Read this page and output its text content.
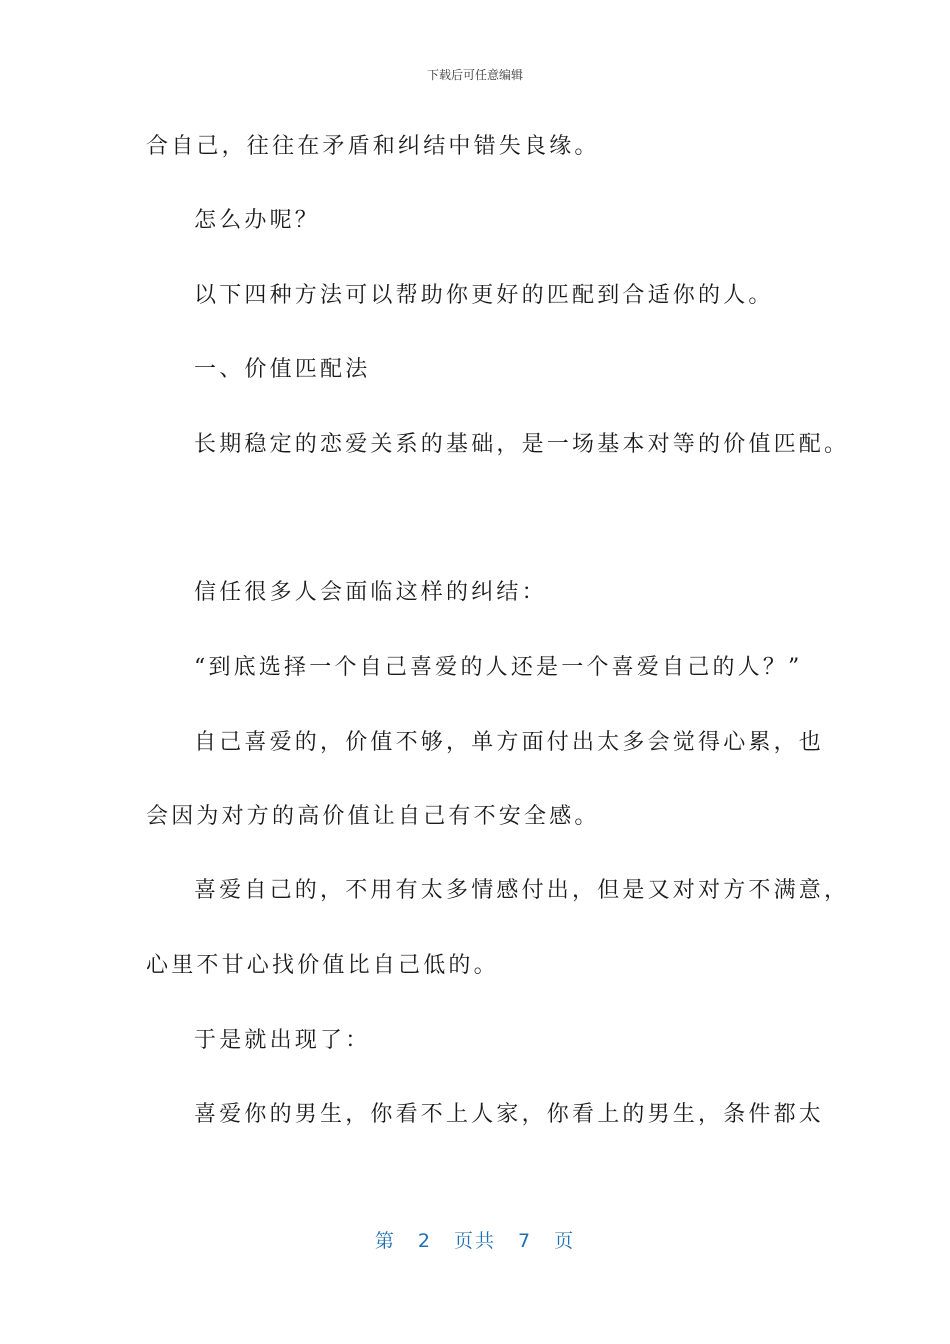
下载后可任意编辑
合自己，往往在矛盾和纠结中错失良缘。
怎么办呢？
以下四种方法可以帮助你更好的匹配到合适你的人。
一、价值匹配法
长期稳定的恋爱关系的基础，是一场基本对等的价值匹配。
信任很多人会面临这样的纠结：
“到底选择一个自己喜爱的人还是一个喜爱自己的人？”
自己喜爱的，价值不够，单方面付出太多会觉得心累，也
会因为对方的高价值让自己有不安全感。
喜爱自己的，不用有太多情感付出，但是又对对方不满意，
心里不甘心找价值比自己低的。
于是就出现了：
喜爱你的男生，你看不上人家，你看上的男生，条件都太
第 2 页共 7 页
